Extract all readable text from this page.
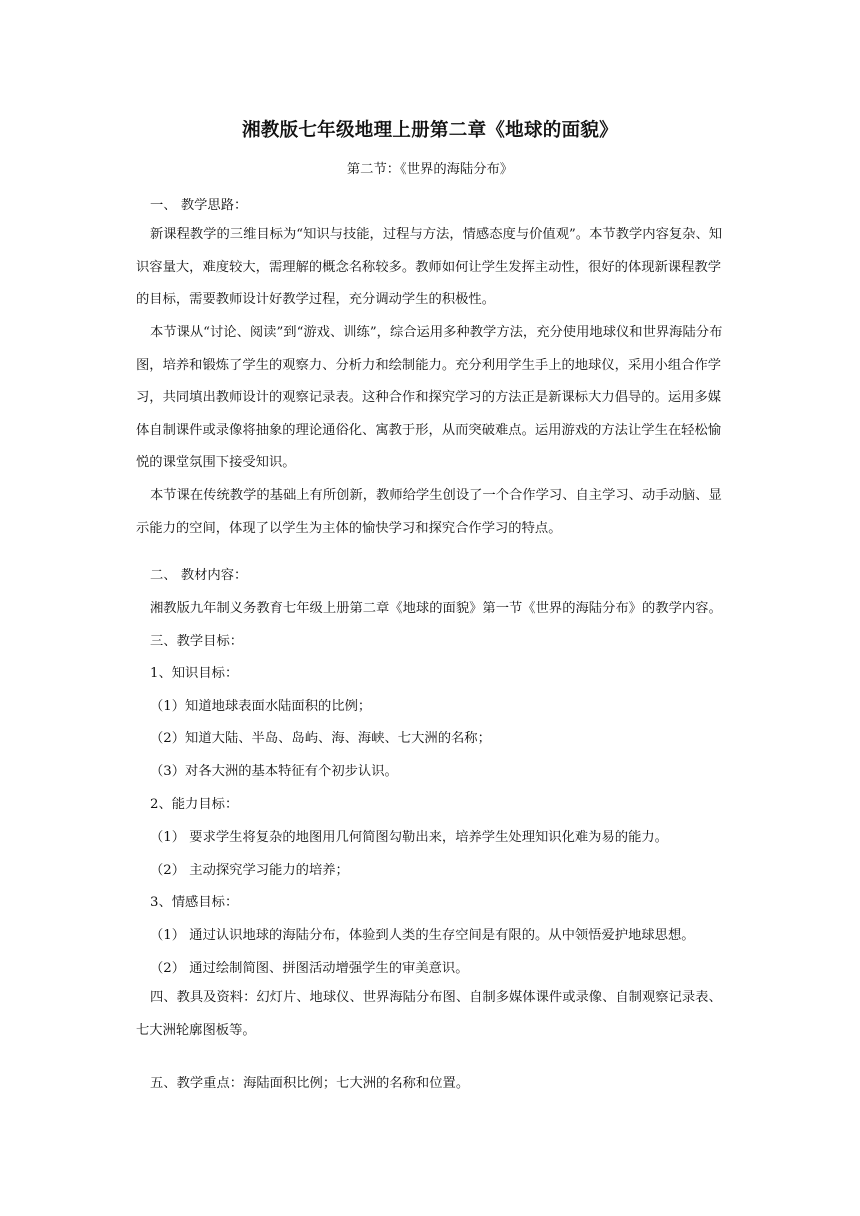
湘教版七年级地理上册第二章《地球的面貌》
第二节：《世界的海陆分布》
一、 教学思路：

新课程教学的三维目标为“知识与技能，过程与方法，情感态度与价值观”。本节教学内容复杂、知识容量大，难度较大，需理解的概念名称较多。教师如何让学生发挥主动性，很好的体现新课程教学的目标，需要教师设计好教学过程，充分调动学生的积极性。

本节课从“讨论、阅读”到“游戏、训练”，综合运用多种教学方法，充分使用地球仪和世界海陆分布图，培养和锻炼了学生的观察力、分析力和绘制能力。充分利用学生手上的地球仪，采用小组合作学习，共同填出教师设计的观察记录表。这种合作和探究学习的方法正是新课标大力倡导的。运用多媒体自制课件或录像将抽象的理论通俗化、寓教于形，从而突破难点。运用游戏的方法让学生在轻松愉悦的课堂氛围下接受知识。

本节课在传统教学的基础上有所创新，教师给学生创设了一个合作学习、自主学习、动手动脑、显示能力的空间，体现了以学生为主体的愉快学习和探究合作学习的特点。

二、 教材内容：
湘教版九年制义务教育七年级上册第二章《地球的面貌》第一节《世界的海陆分布》的教学内容。
三、教学目标：
1、知识目标：
（1）知道地球表面水陆面积的比例；
（2）知道大陆、半岛、岛屿、海、海峡、七大洲的名称；
（3）对各大洲的基本特征有个初步认识。
2、能力目标：
（1） 要求学生将复杂的地图用几何简图勾勒出来，培养学生处理知识化难为易的能力。
（2） 主动探究学习能力的培养；
3、情感目标：
（1） 通过认识地球的海陆分布，体验到人类的生存空间是有限的。从中领悟爱护地球思想。
（2） 通过绘制简图、拼图活动增强学生的审美意识。

四、教具及资料：幻灯片、地球仪、世界海陆分布图、自制多媒体课件或录像、自制观察记录表、七大洲轮廓图板等。

五、教学重点：海陆面积比例；七大洲的名称和位置。
